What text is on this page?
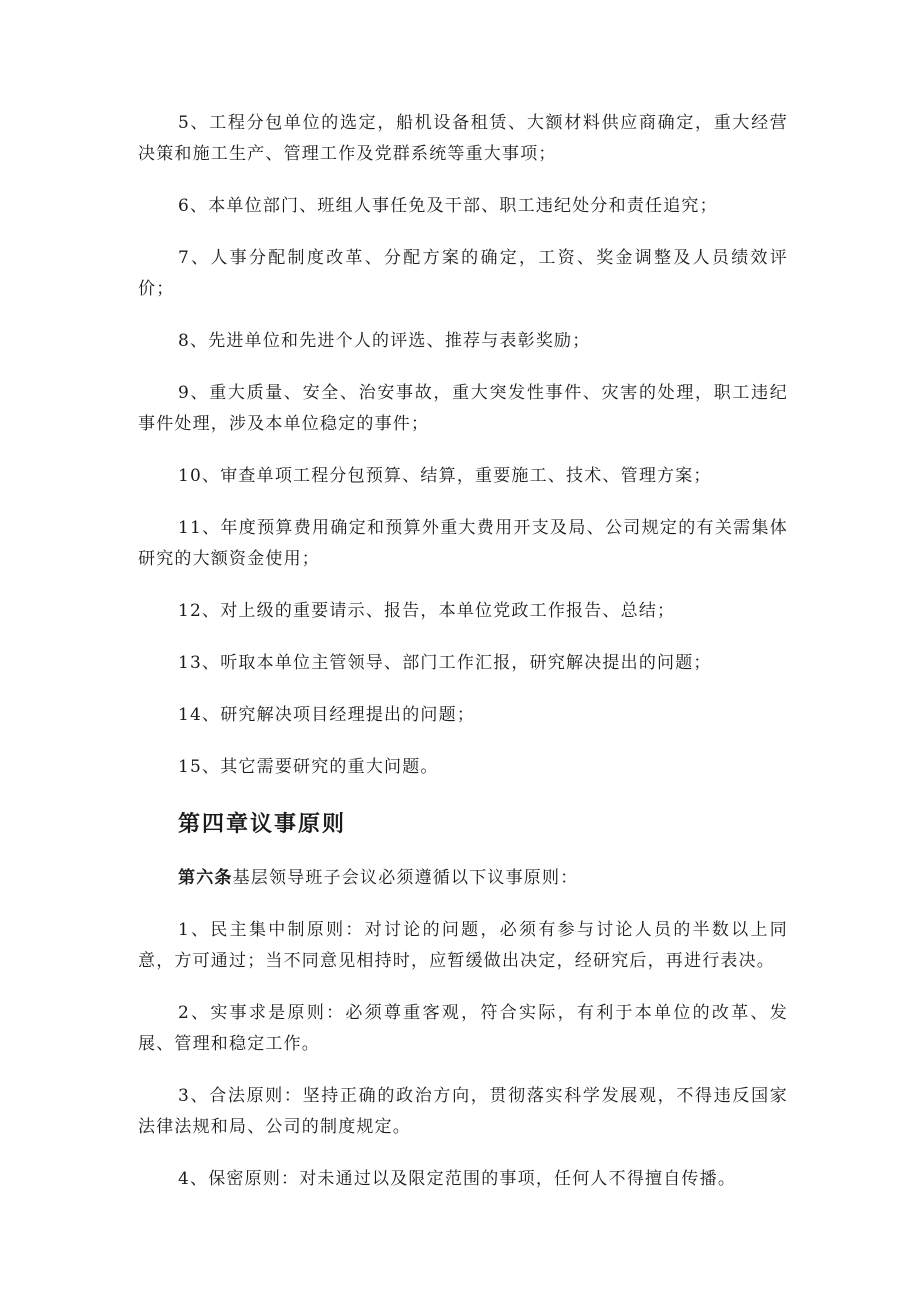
5、工程分包单位的选定，船机设备租赁、大额材料供应商确定，重大经营决策和施工生产、管理工作及党群系统等重大事项；

6、本单位部门、班组人事任免及干部、职工违纪处分和责任追究；

7、人事分配制度改革、分配方案的确定，工资、奖金调整及人员绩效评价；

8、先进单位和先进个人的评选、推荐与表彰奖励；

9、重大质量、安全、治安事故，重大突发性事件、灾害的处理，职工违纪事件处理，涉及本单位稳定的事件；

10、审查单项工程分包预算、结算，重要施工、技术、管理方案；

11、年度预算费用确定和预算外重大费用开支及局、公司规定的有关需集体研究的大额资金使用；

12、对上级的重要请示、报告，本单位党政工作报告、总结；

13、听取本单位主管领导、部门工作汇报，研究解决提出的问题；

14、研究解决项目经理提出的问题；

15、其它需要研究的重大问题。

第四章议事原则

第六条基层领导班子会议必须遵循以下议事原则：

1、民主集中制原则：对讨论的问题，必须有参与讨论人员的半数以上同意，方可通过；当不同意见相持时，应暂缓做出决定，经研究后，再进行表决。

2、实事求是原则：必须尊重客观，符合实际，有利于本单位的改革、发展、管理和稳定工作。

3、合法原则：坚持正确的政治方向，贯彻落实科学发展观，不得违反国家法律法规和局、公司的制度规定。

4、保密原则：对未通过以及限定范围的事项，任何人不得擅自传播。
